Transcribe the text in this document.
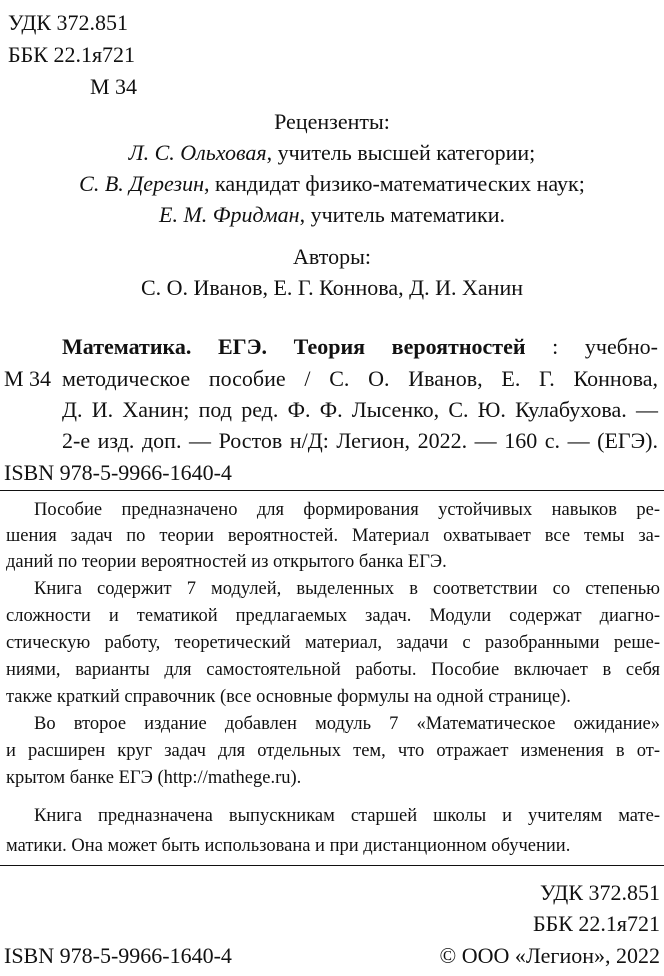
УДК 372.851
ББК 22.1я721
М 34
Рецензенты:
Л. С. Ольховая, учитель высшей категории;
С. В. Дерезин, кандидат физико-математических наук;
Е. М. Фридман, учитель математики.
Авторы:
С. О. Иванов, Е. Г. Коннова, Д. И. Ханин
Математика. ЕГЭ. Теория вероятностей : учебно-
М 34 методическое пособие / С. О. Иванов, Е. Г. Коннова,
Д. И. Ханин; под ред. Ф. Ф. Лысенко, С. Ю. Кулабухова. —
2-е изд. доп. — Ростов н/Д: Легион, 2022. — 160 с. — (ЕГЭ).
ISBN 978-5-9966-1640-4
Пособие предназначено для формирования устойчивых навыков ре-
шения задач по теории вероятностей. Материал охватывает все темы за-
даний по теории вероятностей из открытого банка ЕГЭ.
Книга содержит 7 модулей, выделенных в соответствии со степенью
сложности и тематикой предлагаемых задач. Модули содержат диагно-
стическую работу, теоретический материал, задачи с разобранными реше-
ниями, варианты для самостоятельной работы. Пособие включает в себя
также краткий справочник (все основные формулы на одной странице).
Во второе издание добавлен модуль 7 «Математическое ожидание»
и расширен круг задач для отдельных тем, что отражает изменения в от-
крытом банке ЕГЭ (http://mathege.ru).
Книга предназначена выпускникам старшей школы и учителям мате-
матики. Она может быть использована и при дистанционном обучении.
УДК 372.851
ББК 22.1я721
ISBN 978-5-9966-1640-4	© ООО «Легион», 2022
